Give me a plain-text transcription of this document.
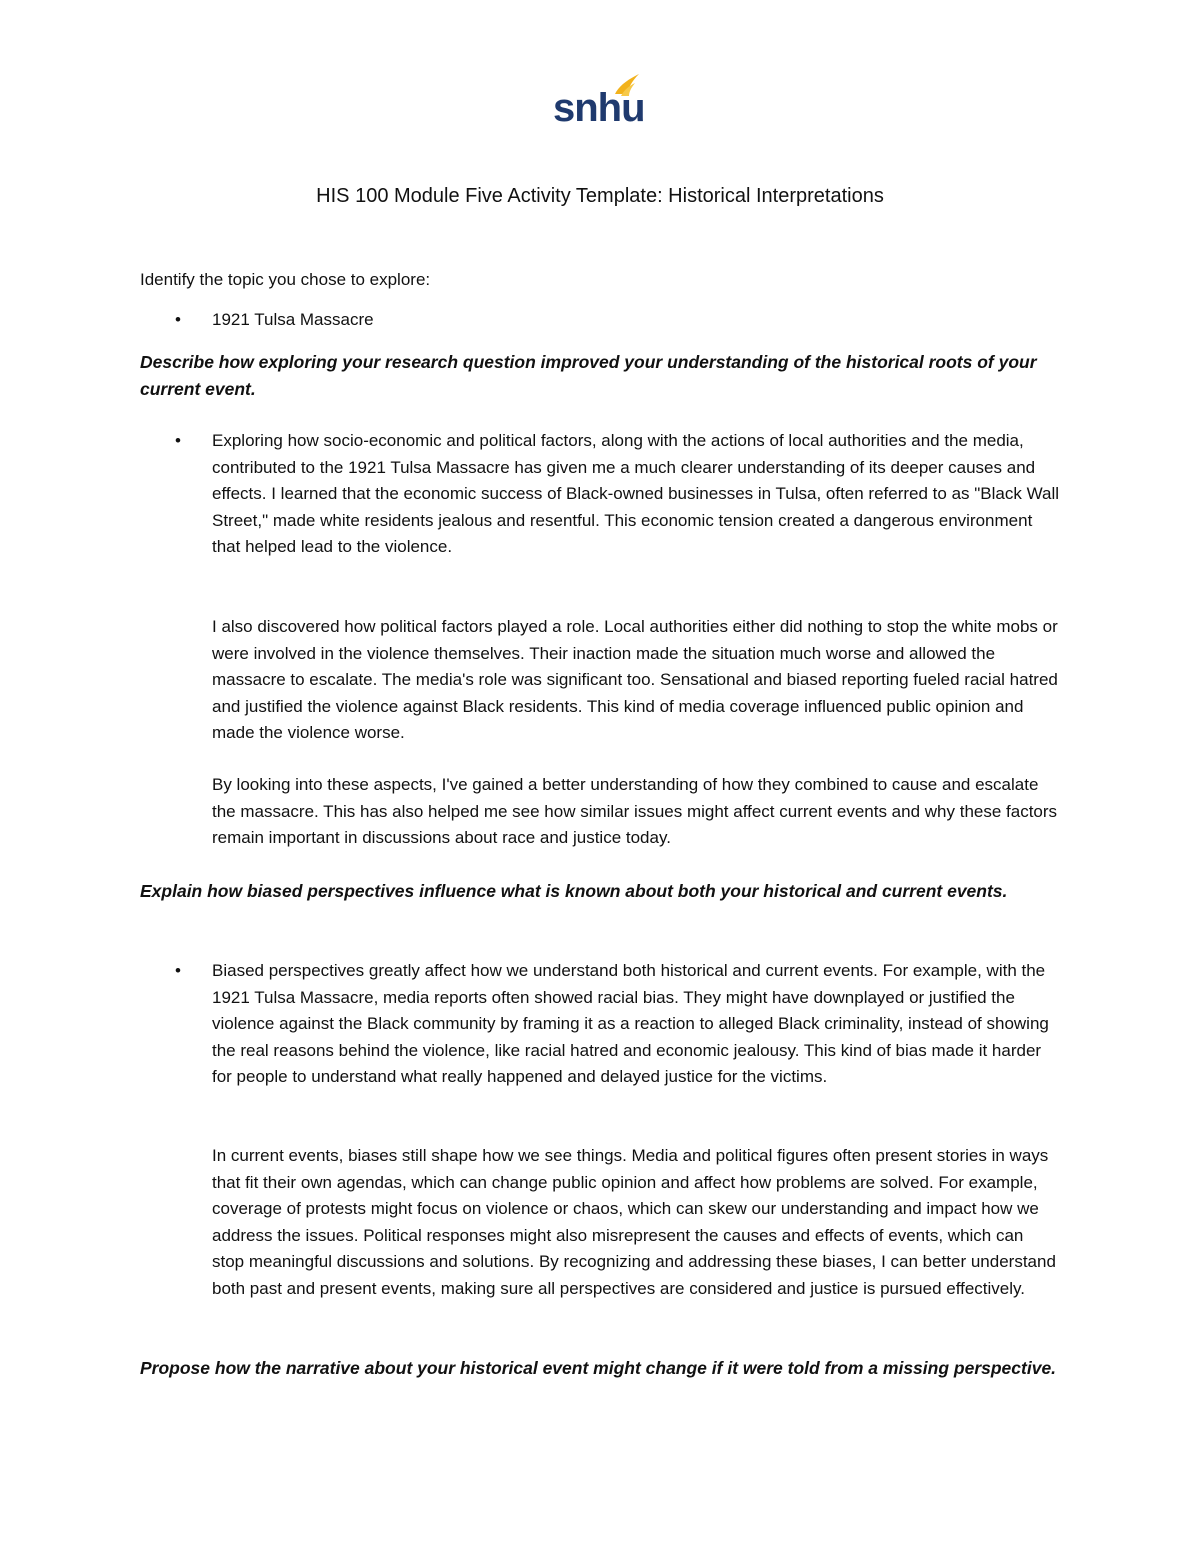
snhu
HIS 100 Module Five Activity Template: Historical Interpretations

Identify the topic you chose to explore:

• 1921 Tulsa Massacre

Describe how exploring your research question improved your understanding of the historical roots of your current event.

• Exploring how socio-economic and political factors, along with the actions of local authorities and the media, contributed to the 1921 Tulsa Massacre has given me a much clearer understanding of its deeper causes and effects. I learned that the economic success of Black-owned businesses in Tulsa, often referred to as "Black Wall Street," made white residents jealous and resentful. This economic tension created a dangerous environment that helped lead to the violence.

I also discovered how political factors played a role. Local authorities either did nothing to stop the white mobs or were involved in the violence themselves. Their inaction made the situation much worse and allowed the massacre to escalate. The media's role was significant too. Sensational and biased reporting fueled racial hatred and justified the violence against Black residents. This kind of media coverage influenced public opinion and made the violence worse.

By looking into these aspects, I've gained a better understanding of how they combined to cause and escalate the massacre. This has also helped me see how similar issues might affect current events and why these factors remain important in discussions about race and justice today.

Explain how biased perspectives influence what is known about both your historical and current events.

• Biased perspectives greatly affect how we understand both historical and current events. For example, with the 1921 Tulsa Massacre, media reports often showed racial bias. They might have downplayed or justified the violence against the Black community by framing it as a reaction to alleged Black criminality, instead of showing the real reasons behind the violence, like racial hatred and economic jealousy. This kind of bias made it harder for people to understand what really happened and delayed justice for the victims.

In current events, biases still shape how we see things. Media and political figures often present stories in ways that fit their own agendas, which can change public opinion and affect how problems are solved. For example, coverage of protests might focus on violence or chaos, which can skew our understanding and impact how we address the issues. Political responses might also misrepresent the causes and effects of events, which can stop meaningful discussions and solutions. By recognizing and addressing these biases, I can better understand both past and present events, making sure all perspectives are considered and justice is pursued effectively.

Propose how the narrative about your historical event might change if it were told from a missing perspective.
